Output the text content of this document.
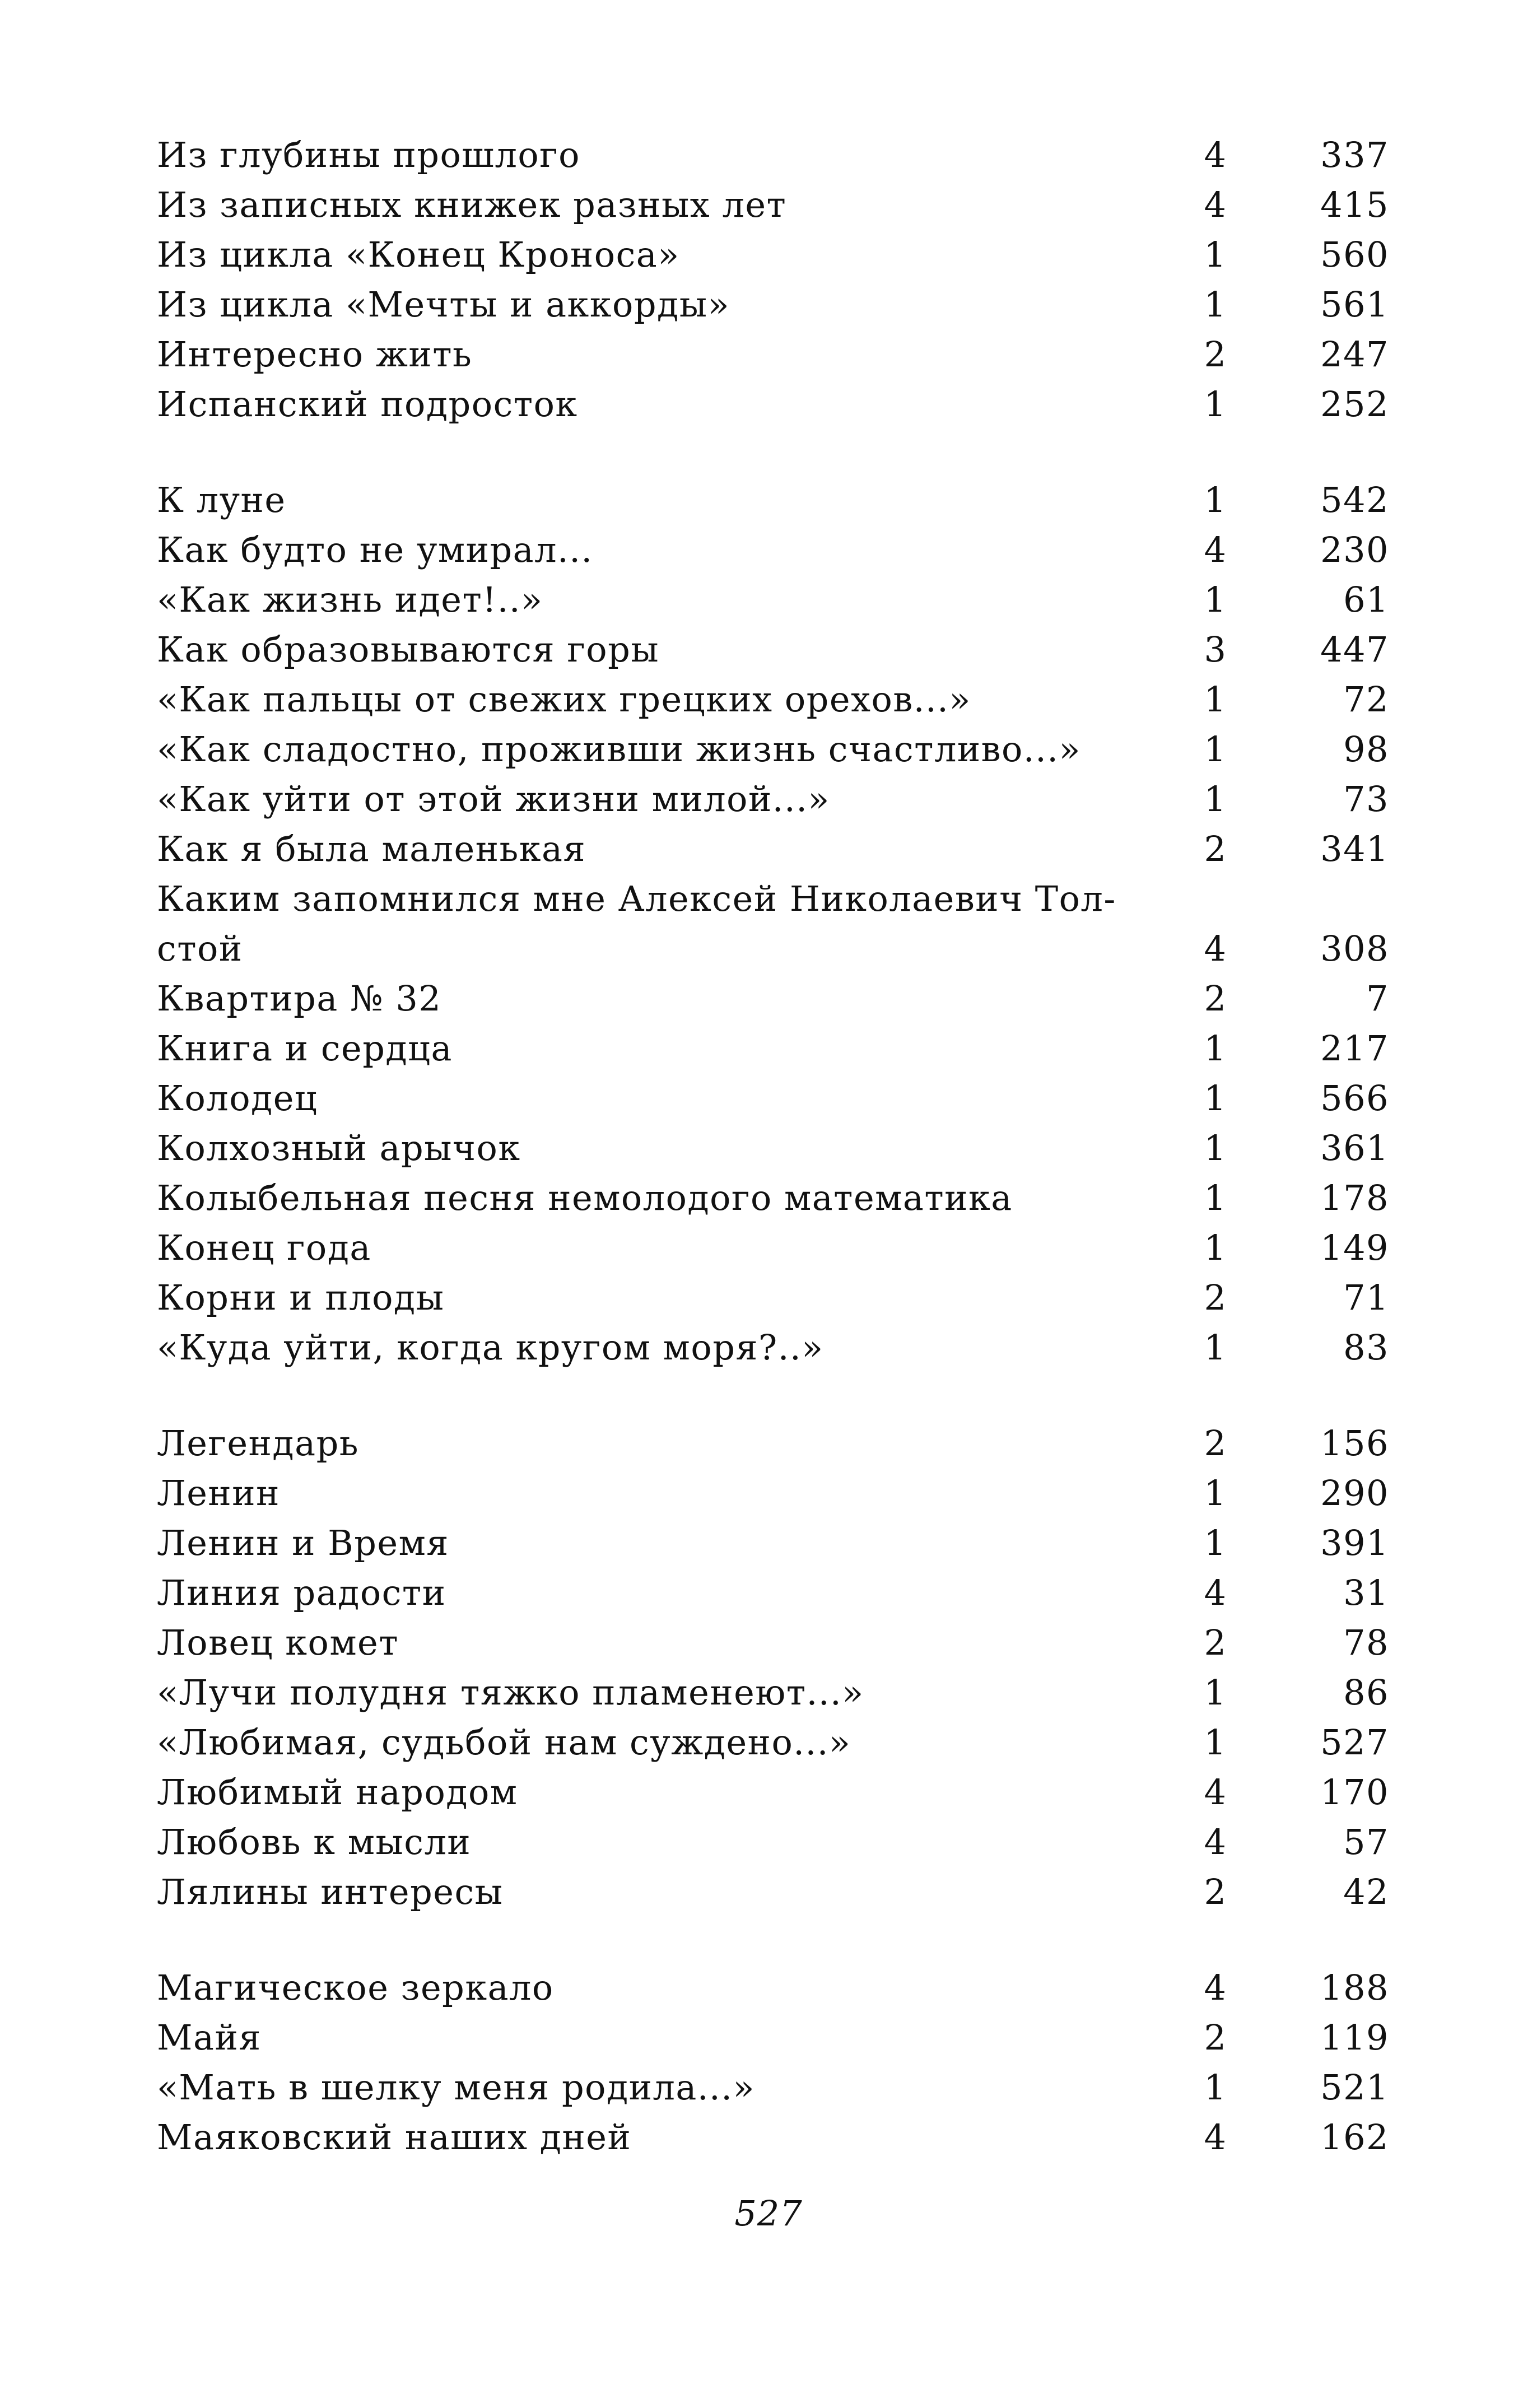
Из глубины прошлого	4	337
Из записных книжек разных лет	4	415
Из цикла «Конец Кроноса»	1	560
Из цикла «Мечты и аккорды»	1	561
Интересно жить	2	247
Испанский подросток	1	252
К луне	1	542
Как будто не умирал...	4	230
«Как жизнь идет!..»	1	61
Как образовываются горы	3	447
«Как пальцы от свежих грецких орехов...»	1	72
«Как сладостно, проживши жизнь счастливо...»	1	98
«Как уйти от этой жизни милой...»	1	73
Как я была маленькая	2	341
Каким запомнился мне Алексей Николаевич Тол-
стой	4	308
Квартира № 32	2	7
Книга и сердца	1	217
Колодец	1	566
Колхозный арычок	1	361
Колыбельная песня немолодого математика	1	178
Конец года	1	149
Корни и плоды	2	71
«Куда уйти, когда кругом моря?..»	1	83
Легендарь	2	156
Ленин	1	290
Ленин и Время	1	391
Линия радости	4	31
Ловец комет	2	78
«Лучи полудня тяжко пламенеют...»	1	86
«Любимая, судьбой нам суждено...»	1	527
Любимый народом	4	170
Любовь к мысли	4	57
Лялины интересы	2	42
Магическое зеркало	4	188
Майя	2	119
«Мать в шелку меня родила...»	1	521
Маяковский наших дней	4	162
527
